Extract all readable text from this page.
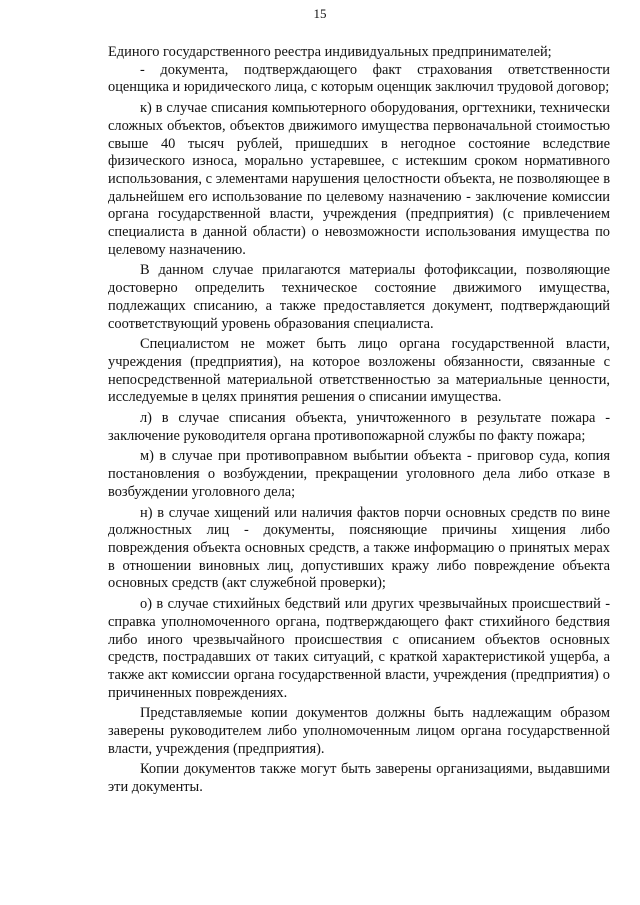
15

Единого государственного реестра индивидуальных предпринимателей;

- документа, подтверждающего факт страхования ответственности оценщика и юридического лица, с которым оценщик заключил трудовой договор;

к) в случае списания компьютерного оборудования, оргтехники, технически сложных объектов, объектов движимого имущества первоначальной стоимостью свыше 40 тысяч рублей, пришедших в негодное состояние вследствие физического износа, морально устаревшее, с истекшим сроком нормативного использования, с элементами нарушения целостности объекта, не позволяющее в дальнейшем его использование по целевому назначению - заключение комиссии органа государственной власти, учреждения (предприятия) (с привлечением специалиста в данной области) о невозможности использования имущества по целевому назначению.

В данном случае прилагаются материалы фотофиксации, позволяющие достоверно определить техническое состояние движимого имущества, подлежащих списанию, а также предоставляется документ, подтверждающий соответствующий уровень образования специалиста.

Специалистом не может быть лицо органа государственной власти, учреждения (предприятия), на которое возложены обязанности, связанные с непосредственной материальной ответственностью за материальные ценности, исследуемые в целях принятия решения о списании имущества.

л) в случае списания объекта, уничтоженного в результате пожара - заключение руководителя органа противопожарной службы по факту пожара;

м) в случае при противоправном выбытии объекта - приговор суда, копия постановления о возбуждении, прекращении уголовного дела либо отказе в возбуждении уголовного дела;

н) в случае хищений или наличия фактов порчи основных средств по вине должностных лиц - документы, поясняющие причины хищения либо повреждения объекта основных средств, а также информацию о принятых мерах в отношении виновных лиц, допустивших кражу либо повреждение объекта основных средств (акт служебной проверки);

о) в случае стихийных бедствий или других чрезвычайных происшествий - справка уполномоченного органа, подтверждающего факт стихийного бедствия либо иного чрезвычайного происшествия с описанием объектов основных средств, пострадавших от таких ситуаций, с краткой характеристикой ущерба, а также акт комиссии органа государственной власти, учреждения (предприятия) о причиненных повреждениях.

Представляемые копии документов должны быть надлежащим образом заверены руководителем либо уполномоченным лицом органа государственной власти, учреждения (предприятия).

Копии документов также могут быть заверены организациями, выдавшими эти документы.
